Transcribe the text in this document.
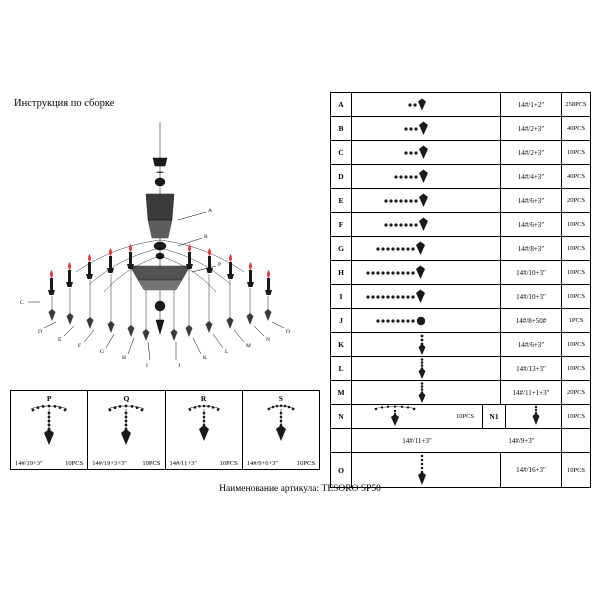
Инструкция по сборке
C
D
E
F
G
H
I
O
N
M
L
K
J
A
B
P
P
14#/19+3"	10PCS
Q
14#/19+3+3" 10PCS
R
14#/11+3"	10PCS
S
14#/9+6+3"	10PCS
A		14#/1+2"	258PCS
B		14#/2+3"	40PCS
C		14#/2+3"	10PCS
D		14#/4+3"	40PCS
E		14#/6+3"	20PCS
F		14#/6+3"	10PCS
G		14#/8+3"	10PCS
H		14#/10+3"	10PCS
I		14#/10+3"	10PCS
J		14#/8+50#	1PCS
K		14#/6+3"	10PCS
L		14#/13+3"	10PCS
M		14#/11+1+3"	20PCS
N	10PCS N1		10PCS

	14#/11+3" 14#/9+3"		

O		14#/16+3"	10PCS
Наименование артикула: TESORO SP50
